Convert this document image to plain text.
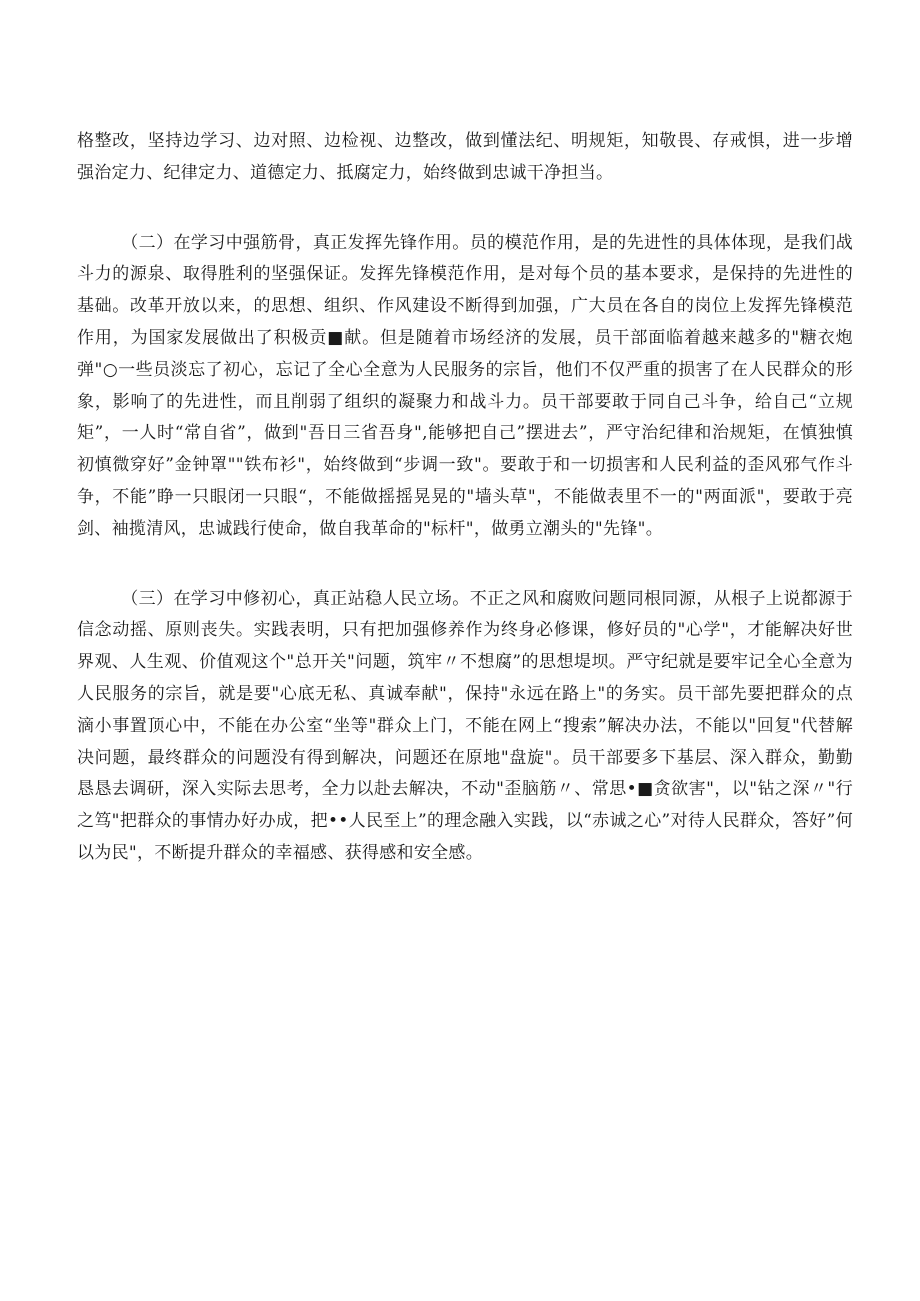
格整改，坚持边学习、边对照、边检视、边整改，做到懂法纪、明规矩，知敬畏、存戒惧，进一步增强治定力、纪律定力、道德定力、抵腐定力，始终做到忠诚干净担当。

（二）在学习中强筋骨，真正发挥先锋作用。员的模范作用，是的先进性的具体体现，是我们战斗力的源泉、取得胜利的坚强保证。发挥先锋模范作用，是对每个员的基本要求，是保持的先进性的基础。改革开放以来，的思想、组织、作风建设不断得到加强，广大员在各自的岗位上发挥先锋模范作用，为国家发展做出了积极贡■献。但是随着市场经济的发展，员干部面临着越来越多的"糖衣炮弹"○一些员淡忘了初心，忘记了全心全意为人民服务的宗旨，他们不仅严重的损害了在人民群众的形象，影响了的先进性，而且削弱了组织的凝聚力和战斗力。员干部要敢于同自己斗争，给自己“立规矩”，一人时“常自省”，做到"吾日三省吾身",能够把自己”摆进去”，严守治纪律和治规矩，在慎独慎初慎微穿好”金钟罩""铁布衫"，始终做到“步调一致"。要敢于和一切损害和人民利益的歪风邪气作斗争，不能”睁一只眼闭一只眼“，不能做摇摇晃晃的"墙头草"，不能做表里不一的"两面派"，要敢于亮剑、袖揽清风，忠诚践行使命，做自我革命的"标杆"，做勇立潮头的"先锋"。

（三）在学习中修初心，真正站稳人民立场。不正之风和腐败问题同根同源，从根子上说都源于信念动摇、原则丧失。实践表明，只有把加强修养作为终身必修课，修好员的"心学"，才能解决好世界观、人生观、价值观这个"总开关"问题，筑牢〃不想腐”的思想堤坝。严守纪就是要牢记全心全意为人民服务的宗旨，就是要"心底无私、真诚奉献"，保持"永远在路上"的务实。员干部先要把群众的点滴小事置顶心中，不能在办公室“坐等"群众上门，不能在网上“搜索”解决办法，不能以"回复"代替解决问题，最终群众的问题没有得到解决，问题还在原地"盘旋"。员干部要多下基层、深入群众，勤勤恳恳去调研，深入实际去思考，全力以赴去解决，不动"歪脑筋〃、常思•■贪欲害"，以"钻之深〃"行之笃"把群众的事情办好办成，把••人民至上”的理念融入实践，以“赤诚之心”对待人民群众，答好”何以为民"，不断提升群众的幸福感、获得感和安全感。
